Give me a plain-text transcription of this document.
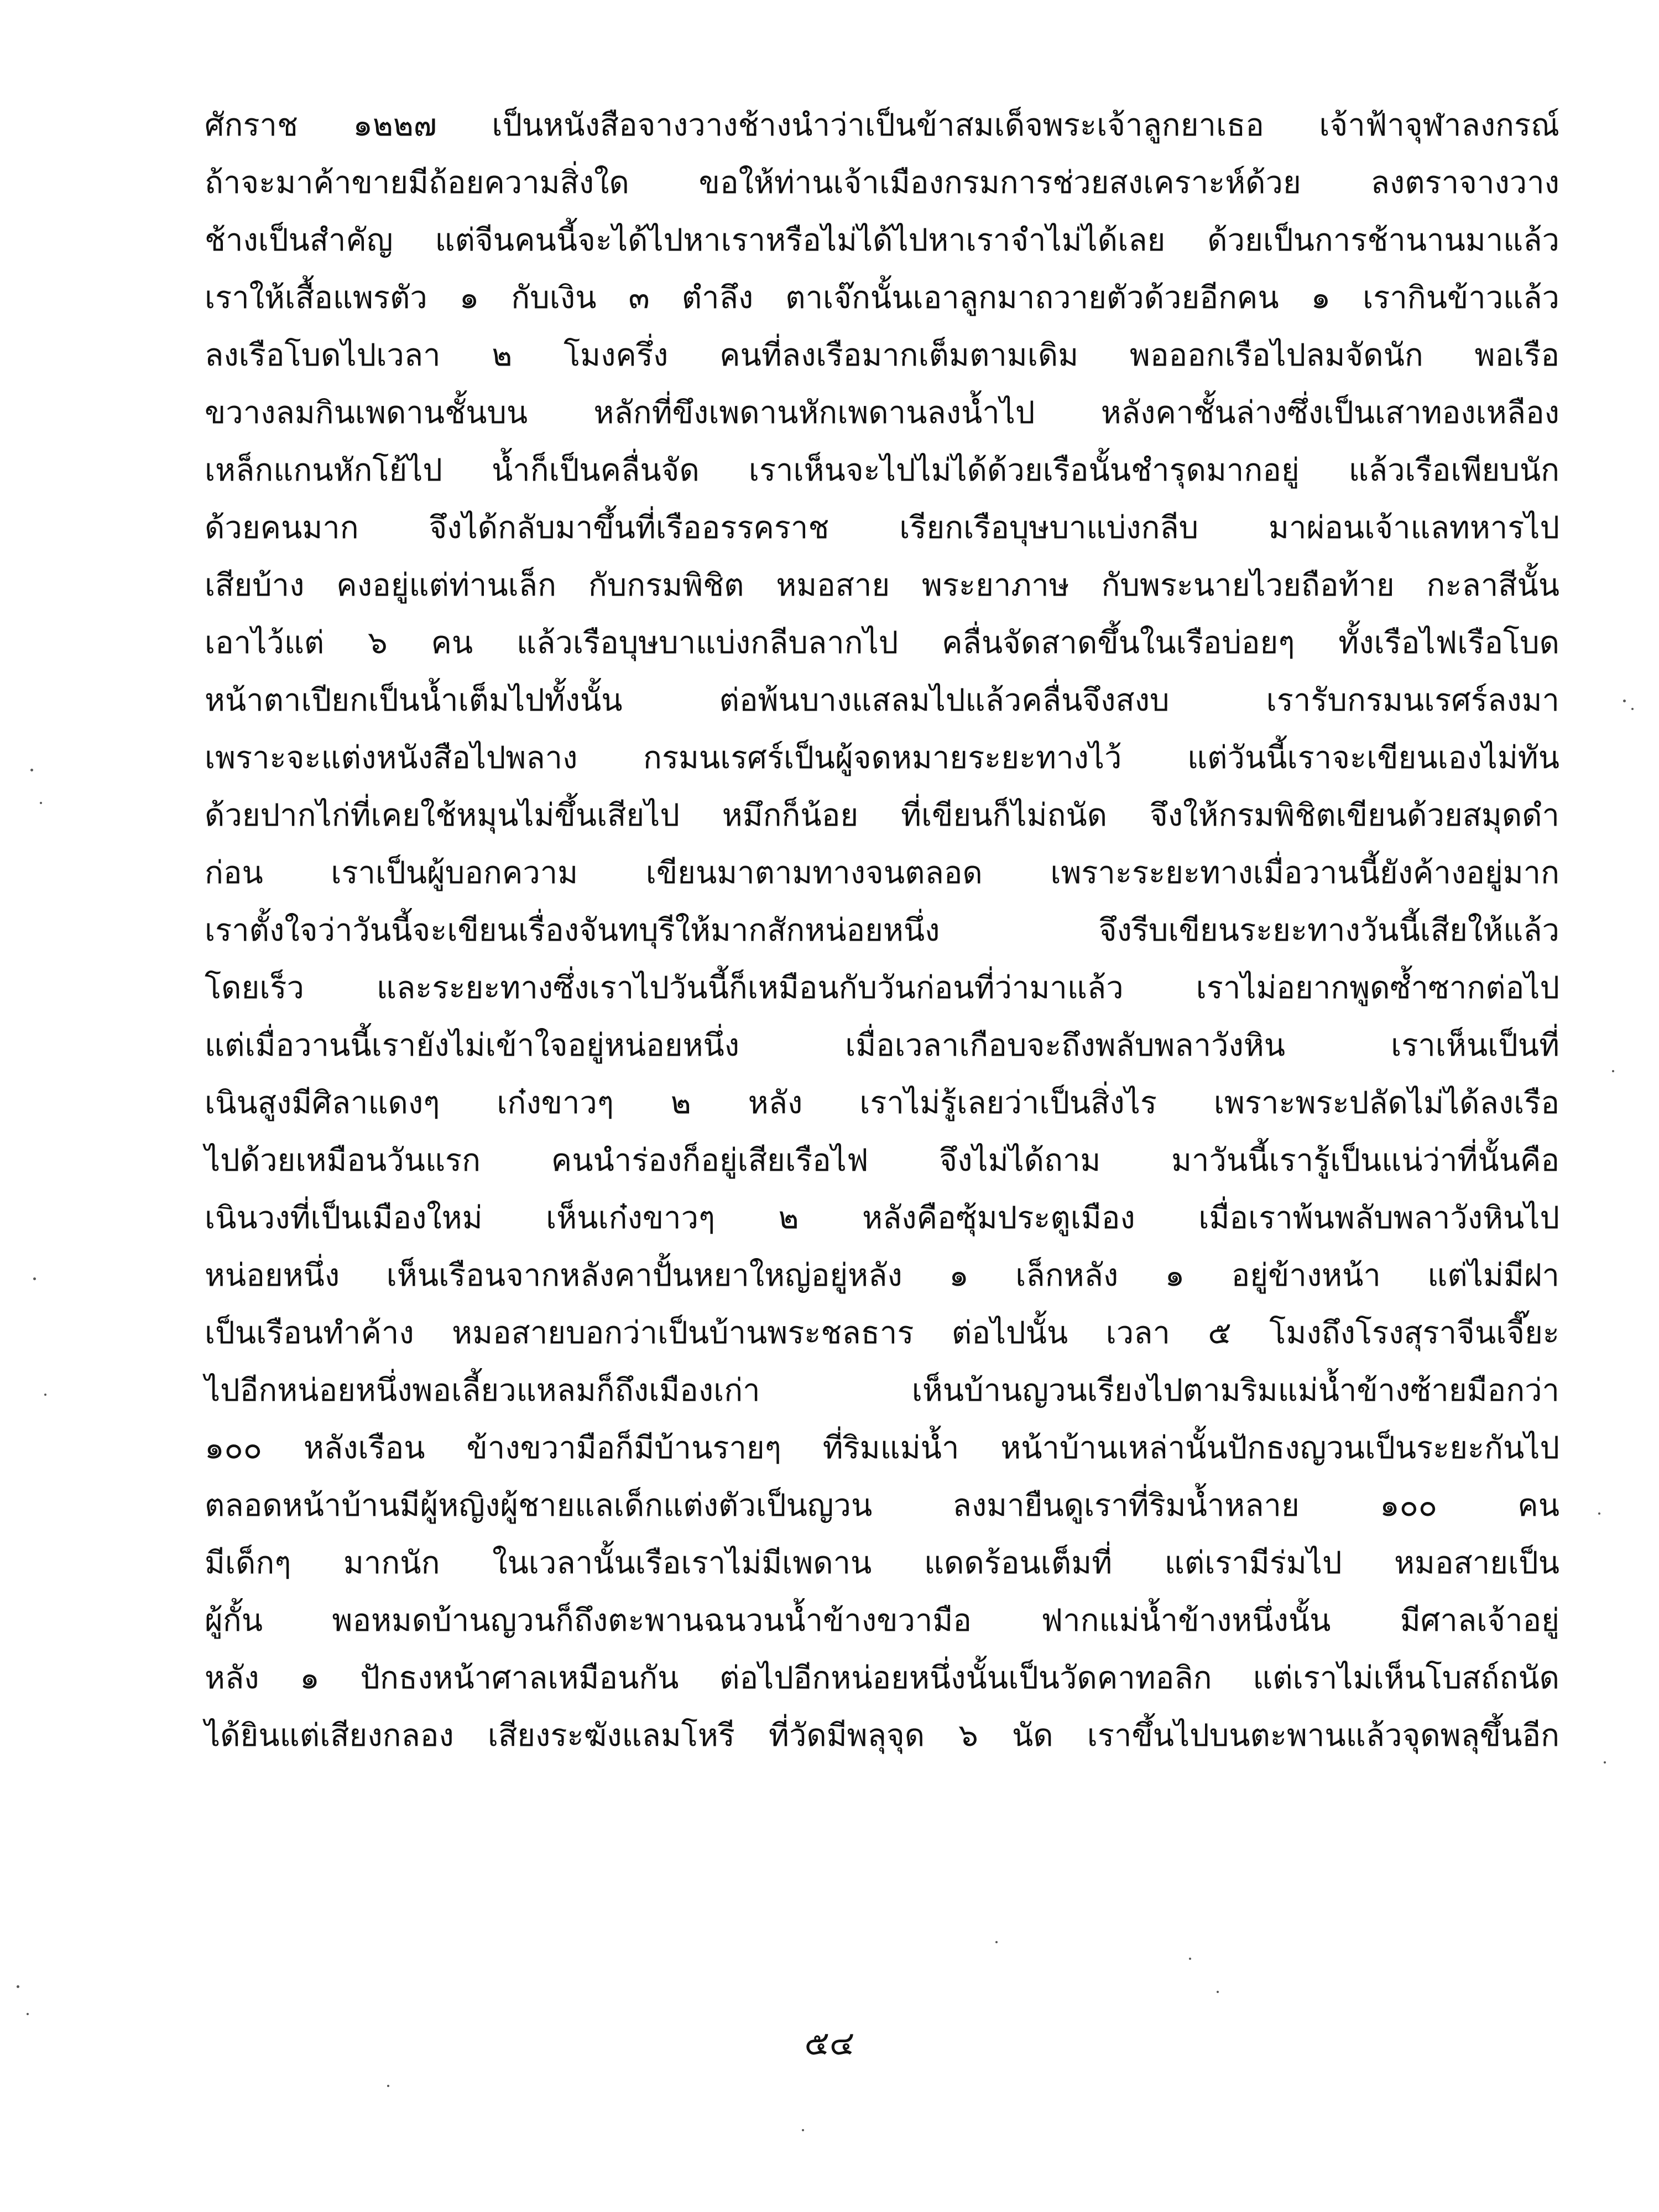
ศักราช ๑๒๒๗ เป็นหนังสือจางวางช้างนำว่าเป็นข้าสมเด็จพระเจ้าลูกยาเธอ เจ้าฟ้าจุฬาลงกรณ์
ถ้าจะมาค้าขายมีถ้อยความสิ่งใด ขอให้ท่านเจ้าเมืองกรมการช่วยสงเคราะห์ด้วย ลงตราจางวาง
ช้างเป็นสำคัญ แต่จีนคนนี้จะได้ไปหาเราหรือไม่ได้ไปหาเราจำไม่ได้เลย ด้วยเป็นการช้านานมาแล้ว
เราให้เสื้อแพรตัว ๑ กับเงิน ๓ ตำลึง ตาเจ๊กนั้นเอาลูกมาถวายตัวด้วยอีกคน ๑ เรากินข้าวแล้ว
ลงเรือโบดไปเวลา ๒ โมงครึ่ง คนที่ลงเรือมากเต็มตามเดิม พอออกเรือไปลมจัดนัก พอเรือ
ขวางลมกินเพดานชั้นบน หลักที่ขึงเพดานหักเพดานลงน้ำไป หลังคาชั้นล่างซึ่งเป็นเสาทองเหลือง
เหล็กแกนหักโย้ไป น้ำก็เป็นคลื่นจัด เราเห็นจะไปไม่ได้ด้วยเรือนั้นชำรุดมากอยู่ แล้วเรือเพียบนัก
ด้วยคนมาก จึงได้กลับมาขึ้นที่เรืออรรคราช เรียกเรือบุษบาแบ่งกลีบ มาผ่อนเจ้าแลทหารไป
เสียบ้าง คงอยู่แต่ท่านเล็ก กับกรมพิชิต หมอสาย พระยาภาษ กับพระนายไวยถือท้าย กะลาสีนั้น
เอาไว้แต่ ๖ คน แล้วเรือบุษบาแบ่งกลีบลากไป คลื่นจัดสาดขึ้นในเรือบ่อยๆ ทั้งเรือไฟเรือโบด
หน้าตาเปียกเป็นน้ำเต็มไปทั้งนั้น ต่อพ้นบางแสลมไปแล้วคลื่นจึงสงบ เรารับกรมนเรศร์ลงมา
เพราะจะแต่งหนังสือไปพลาง กรมนเรศร์เป็นผู้จดหมายระยะทางไว้ แต่วันนี้เราจะเขียนเองไม่ทัน
ด้วยปากไก่ที่เคยใช้หมุนไม่ขึ้นเสียไป หมึกก็น้อย ที่เขียนก็ไม่ถนัด จึงให้กรมพิชิตเขียนด้วยสมุดดำ
ก่อน เราเป็นผู้บอกความ เขียนมาตามทางจนตลอด เพราะระยะทางเมื่อวานนี้ยังค้างอยู่มาก
เราตั้งใจว่าวันนี้จะเขียนเรื่องจันทบุรีให้มากสักหน่อยหนึ่ง จึงรีบเขียนระยะทางวันนี้เสียให้แล้ว
โดยเร็ว และระยะทางซึ่งเราไปวันนี้ก็เหมือนกับวันก่อนที่ว่ามาแล้ว เราไม่อยากพูดซ้ำซากต่อไป
แต่เมื่อวานนี้เรายังไม่เข้าใจอยู่หน่อยหนึ่ง เมื่อเวลาเกือบจะถึงพลับพลาวังหิน เราเห็นเป็นที่
เนินสูงมีศิลาแดงๆ เก๋งขาวๆ ๒ หลัง เราไม่รู้เลยว่าเป็นสิ่งไร เพราะพระปลัดไม่ได้ลงเรือ
ไปด้วยเหมือนวันแรก คนนำร่องก็อยู่เสียเรือไฟ จึงไม่ได้ถาม มาวันนี้เรารู้เป็นแน่ว่าที่นั้นคือ
เนินวงที่เป็นเมืองใหม่ เห็นเก๋งขาวๆ ๒ หลังคือซุ้มประตูเมือง เมื่อเราพ้นพลับพลาวังหินไป
หน่อยหนึ่ง เห็นเรือนจากหลังคาปั้นหยาใหญ่อยู่หลัง ๑ เล็กหลัง ๑ อยู่ข้างหน้า แต่ไม่มีฝา
เป็นเรือนทำค้าง หมอสายบอกว่าเป็นบ้านพระชลธาร ต่อไปนั้น เวลา ๕ โมงถึงโรงสุราจีนเจี๊ยะ
ไปอีกหน่อยหนึ่งพอเลี้ยวแหลมก็ถึงเมืองเก่า เห็นบ้านญวนเรียงไปตามริมแม่น้ำข้างซ้ายมือกว่า
๑๐๐ หลังเรือน ข้างขวามือก็มีบ้านรายๆ ที่ริมแม่น้ำ หน้าบ้านเหล่านั้นปักธงญวนเป็นระยะกันไป
ตลอดหน้าบ้านมีผู้หญิงผู้ชายแลเด็กแต่งตัวเป็นญวน ลงมายืนดูเราที่ริมน้ำหลาย ๑๐๐ คน
มีเด็กๆ มากนัก ในเวลานั้นเรือเราไม่มีเพดาน แดดร้อนเต็มที่ แต่เรามีร่มไป หมอสายเป็น
ผู้กั้น พอหมดบ้านญวนก็ถึงตะพานฉนวนน้ำข้างขวามือ ฟากแม่น้ำข้างหนึ่งนั้น มีศาลเจ้าอยู่
หลัง ๑ ปักธงหน้าศาลเหมือนกัน ต่อไปอีกหน่อยหนึ่งนั้นเป็นวัดคาทอลิก แต่เราไม่เห็นโบสถ์ถนัด
ได้ยินแต่เสียงกลอง เสียงระฆังแลมโหรี ที่วัดมีพลุจุด ๖ นัด เราขึ้นไปบนตะพานแล้วจุดพลุขึ้นอีก
๕๔
